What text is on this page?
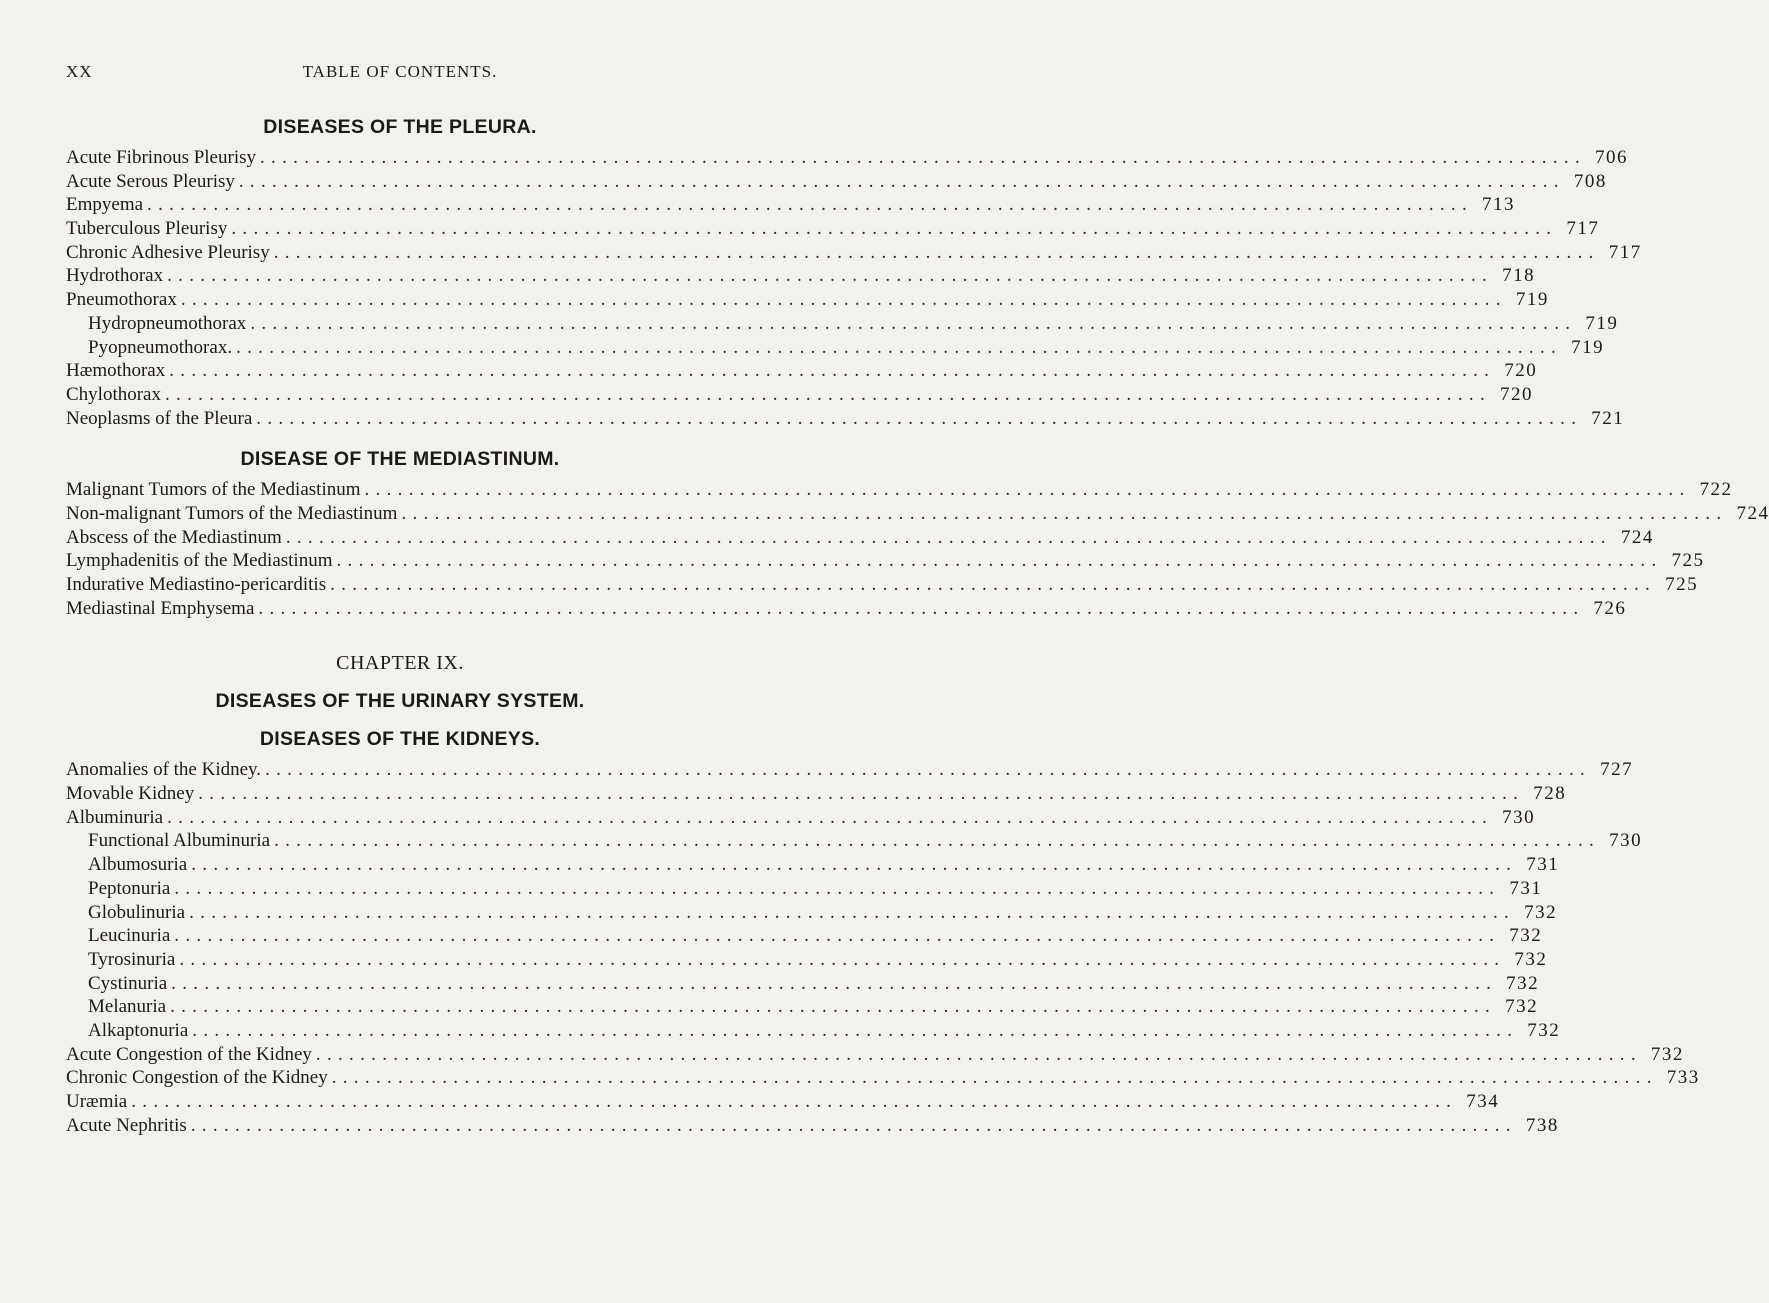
XX	TABLE OF CONTENTS.
DISEASES OF THE PLEURA.
Acute Fibrinous Pleurisy ........................................................................................................................ 706
Acute Serous Pleurisy ........................................................................................................................ 708
Empyema ........................................................................................................................ 713
Tuberculous Pleurisy ........................................................................................................................ 717
Chronic Adhesive Pleurisy ........................................................................................................................ 717
Hydrothorax ........................................................................................................................ 718
Pneumothorax ........................................................................................................................ 719
Hydropneumothorax ........................................................................................................................ 719
Pyopneumothorax. ........................................................................................................................ 719
Hæmothorax ........................................................................................................................ 720
Chylothorax ........................................................................................................................ 720
Neoplasms of the Pleura ........................................................................................................................ 721
DISEASE OF THE MEDIASTINUM.
Malignant Tumors of the Mediastinum ........................................................................................................................ 722
Non-malignant Tumors of the Mediastinum ........................................................................................................................ 724
Abscess of the Mediastinum ........................................................................................................................ 724
Lymphadenitis of the Mediastinum ........................................................................................................................ 725
Indurative Mediastino-pericarditis ........................................................................................................................ 725
Mediastinal Emphysema ........................................................................................................................ 726
CHAPTER IX.
DISEASES OF THE URINARY SYSTEM.
DISEASES OF THE KIDNEYS.
Anomalies of the Kidney. ........................................................................................................................ 727
Movable Kidney ........................................................................................................................ 728
Albuminuria ........................................................................................................................ 730
Functional Albuminuria ........................................................................................................................ 730
Albumosuria ........................................................................................................................ 731
Peptonuria ........................................................................................................................ 731
Globulinuria ........................................................................................................................ 732
Leucinuria ........................................................................................................................ 732
Tyrosinuria ........................................................................................................................ 732
Cystinuria ........................................................................................................................ 732
Melanuria ........................................................................................................................ 732
Alkaptonuria ........................................................................................................................ 732
Acute Congestion of the Kidney ........................................................................................................................ 732
Chronic Congestion of the Kidney ........................................................................................................................ 733
Uræmia ........................................................................................................................ 734
Acute Nephritis ........................................................................................................................ 738
